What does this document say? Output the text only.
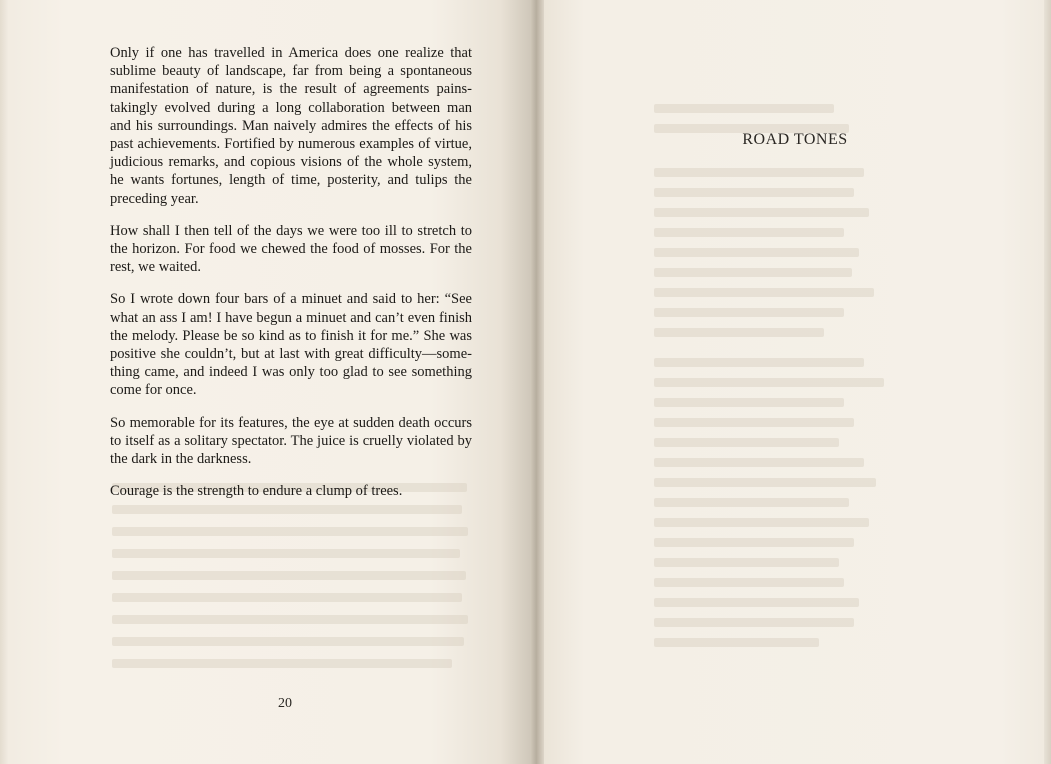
Only if one has travelled in America does one realize that sublime beauty of landscape, far from being a spontaneous manifestation of nature, is the result of agreements painstakingly evolved during a long collaboration between man and his surroundings. Man naively admires the effects of his past achievements. Fortified by numerous examples of virtue, judicious remarks, and copious visions of the whole system, he wants fortunes, length of time, posterity, and tulips the preceding year.

How shall I then tell of the days we were too ill to stretch to the horizon. For food we chewed the food of mosses. For the rest, we waited.

So I wrote down four bars of a minuet and said to her: “See what an ass I am! I have begun a minuet and can’t even finish the melody. Please be so kind as to finish it for me.” She was positive she couldn’t, but at last with great difficulty—something came, and indeed I was only too glad to see something come for once.

So memorable for its features, the eye at sudden death occurs to itself as a solitary spectator. The juice is cruelly violated by the dark in the darkness.

Courage is the strength to endure a clump of trees.

20
ROAD TONES
